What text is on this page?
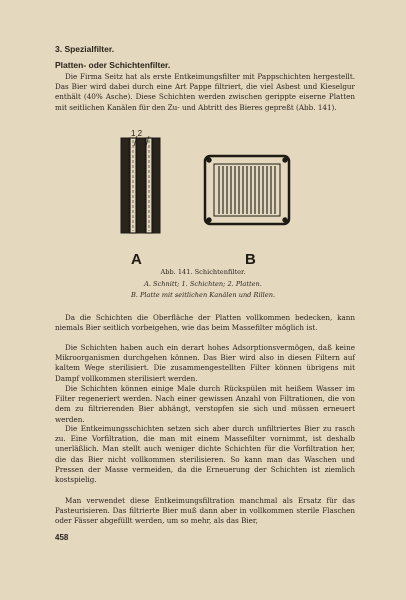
3. Spezialfilter.
Platten- oder Schichtenfilter.
Die Firma Seitz hat als erste Entkeimungsfilter mit Pappschichten hergestellt. Das Bier wird dabei durch eine Art Pappe filtriert, die viel Asbest und Kieselgur enthält (40% Asche). Diese Schichten werden zwischen gerippte eiserne Platten mit seitlichen Kanälen für den Zu- und Abtritt des Bieres gepreßt (Abb. 141).
1 2
A	B
Abb. 141. Schichtenfilter.
A. Schnitt; 1. Schichten; 2. Platten.
B. Platte mit seitlichen Kanälen und Rillen.
Da die Schichten die Oberfläche der Platten vollkommen bedecken, kann niemals Bier seitlich vorbeigehen, wie das beim Massefilter möglich ist.
Die Schichten haben auch ein derart hohes Adsorptionsvermögen, daß keine Mikroorganismen durchgehen können. Das Bier wird also in diesen Filtern auf kaltem Wege sterilisiert. Die zusammengestellten Filter können übrigens mit Dampf vollkommen sterilisiert werden.
Die Schichten können einige Male durch Rückspülen mit heißem Wasser im Filter regeneriert werden. Nach einer gewissen Anzahl von Filtrationen, die von dem zu filtrierenden Bier abhängt, verstopfen sie sich und müssen erneuert werden.
Die Entkeimungsschichten setzen sich aber durch unfiltriertes Bier zu rasch zu. Eine Vorfiltration, die man mit einem Massefilter vornimmt, ist deshalb unerläßlich. Man stellt auch weniger dichte Schichten für die Vorfiltration her, die das Bier nicht vollkommen sterilisieren. So kann man das Waschen und Pressen der Masse vermeiden, da die Erneuerung der Schichten ist ziemlich kostspielig.
Man verwendet diese Entkeimungsfiltration manchmal als Ersatz für das Pasteurisieren. Das filtrierte Bier muß dann aber in vollkommen sterile Flaschen oder Fässer abgefüllt werden, um so mehr, als das Bier,
458
